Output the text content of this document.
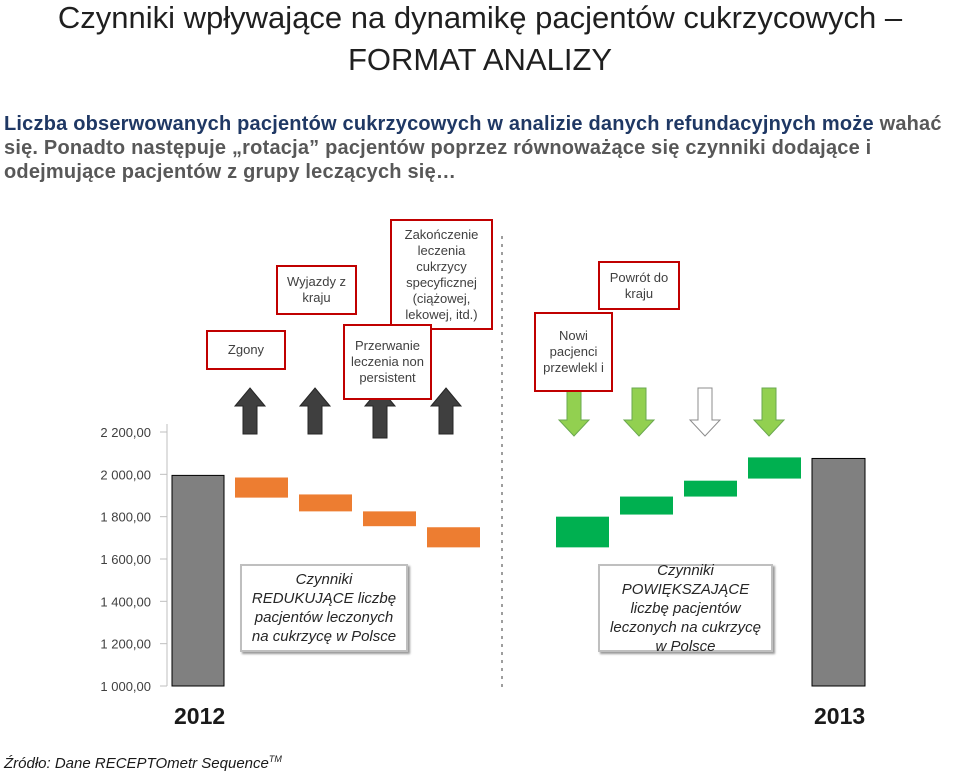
Czynniki wpływające na dynamikę pacjentów cukrzycowych –
FORMAT ANALIZY
Liczba obserwowanych pacjentów cukrzycowych w analizie danych refundacyjnych może wahać się. Ponadto następuje „rotacja” pacjentów poprzez równoważące się czynniki dodające i odejmujące pacjentów z grupy leczących się…
2 200,00
2 000,00
1 800,00
1 600,00
1 400,00
1 200,00
1 000,00
Zgony
Wyjazdy z kraju
Zakończenie leczenia cukrzycy specyficznej (ciążowej, lekowej, itd.)
Przerwanie leczenia non persistent
Nowi pacjenci przewlekl i
Powrót do kraju
Czynniki REDUKUJĄCE liczbę pacjentów leczonych na cukrzycę w Polsce
Czynniki POWIĘKSZAJĄCE liczbę pacjentów leczonych na cukrzycę w Polsce
2012	2013
Źródło: Dane RECEPTOmetr Sequence™
